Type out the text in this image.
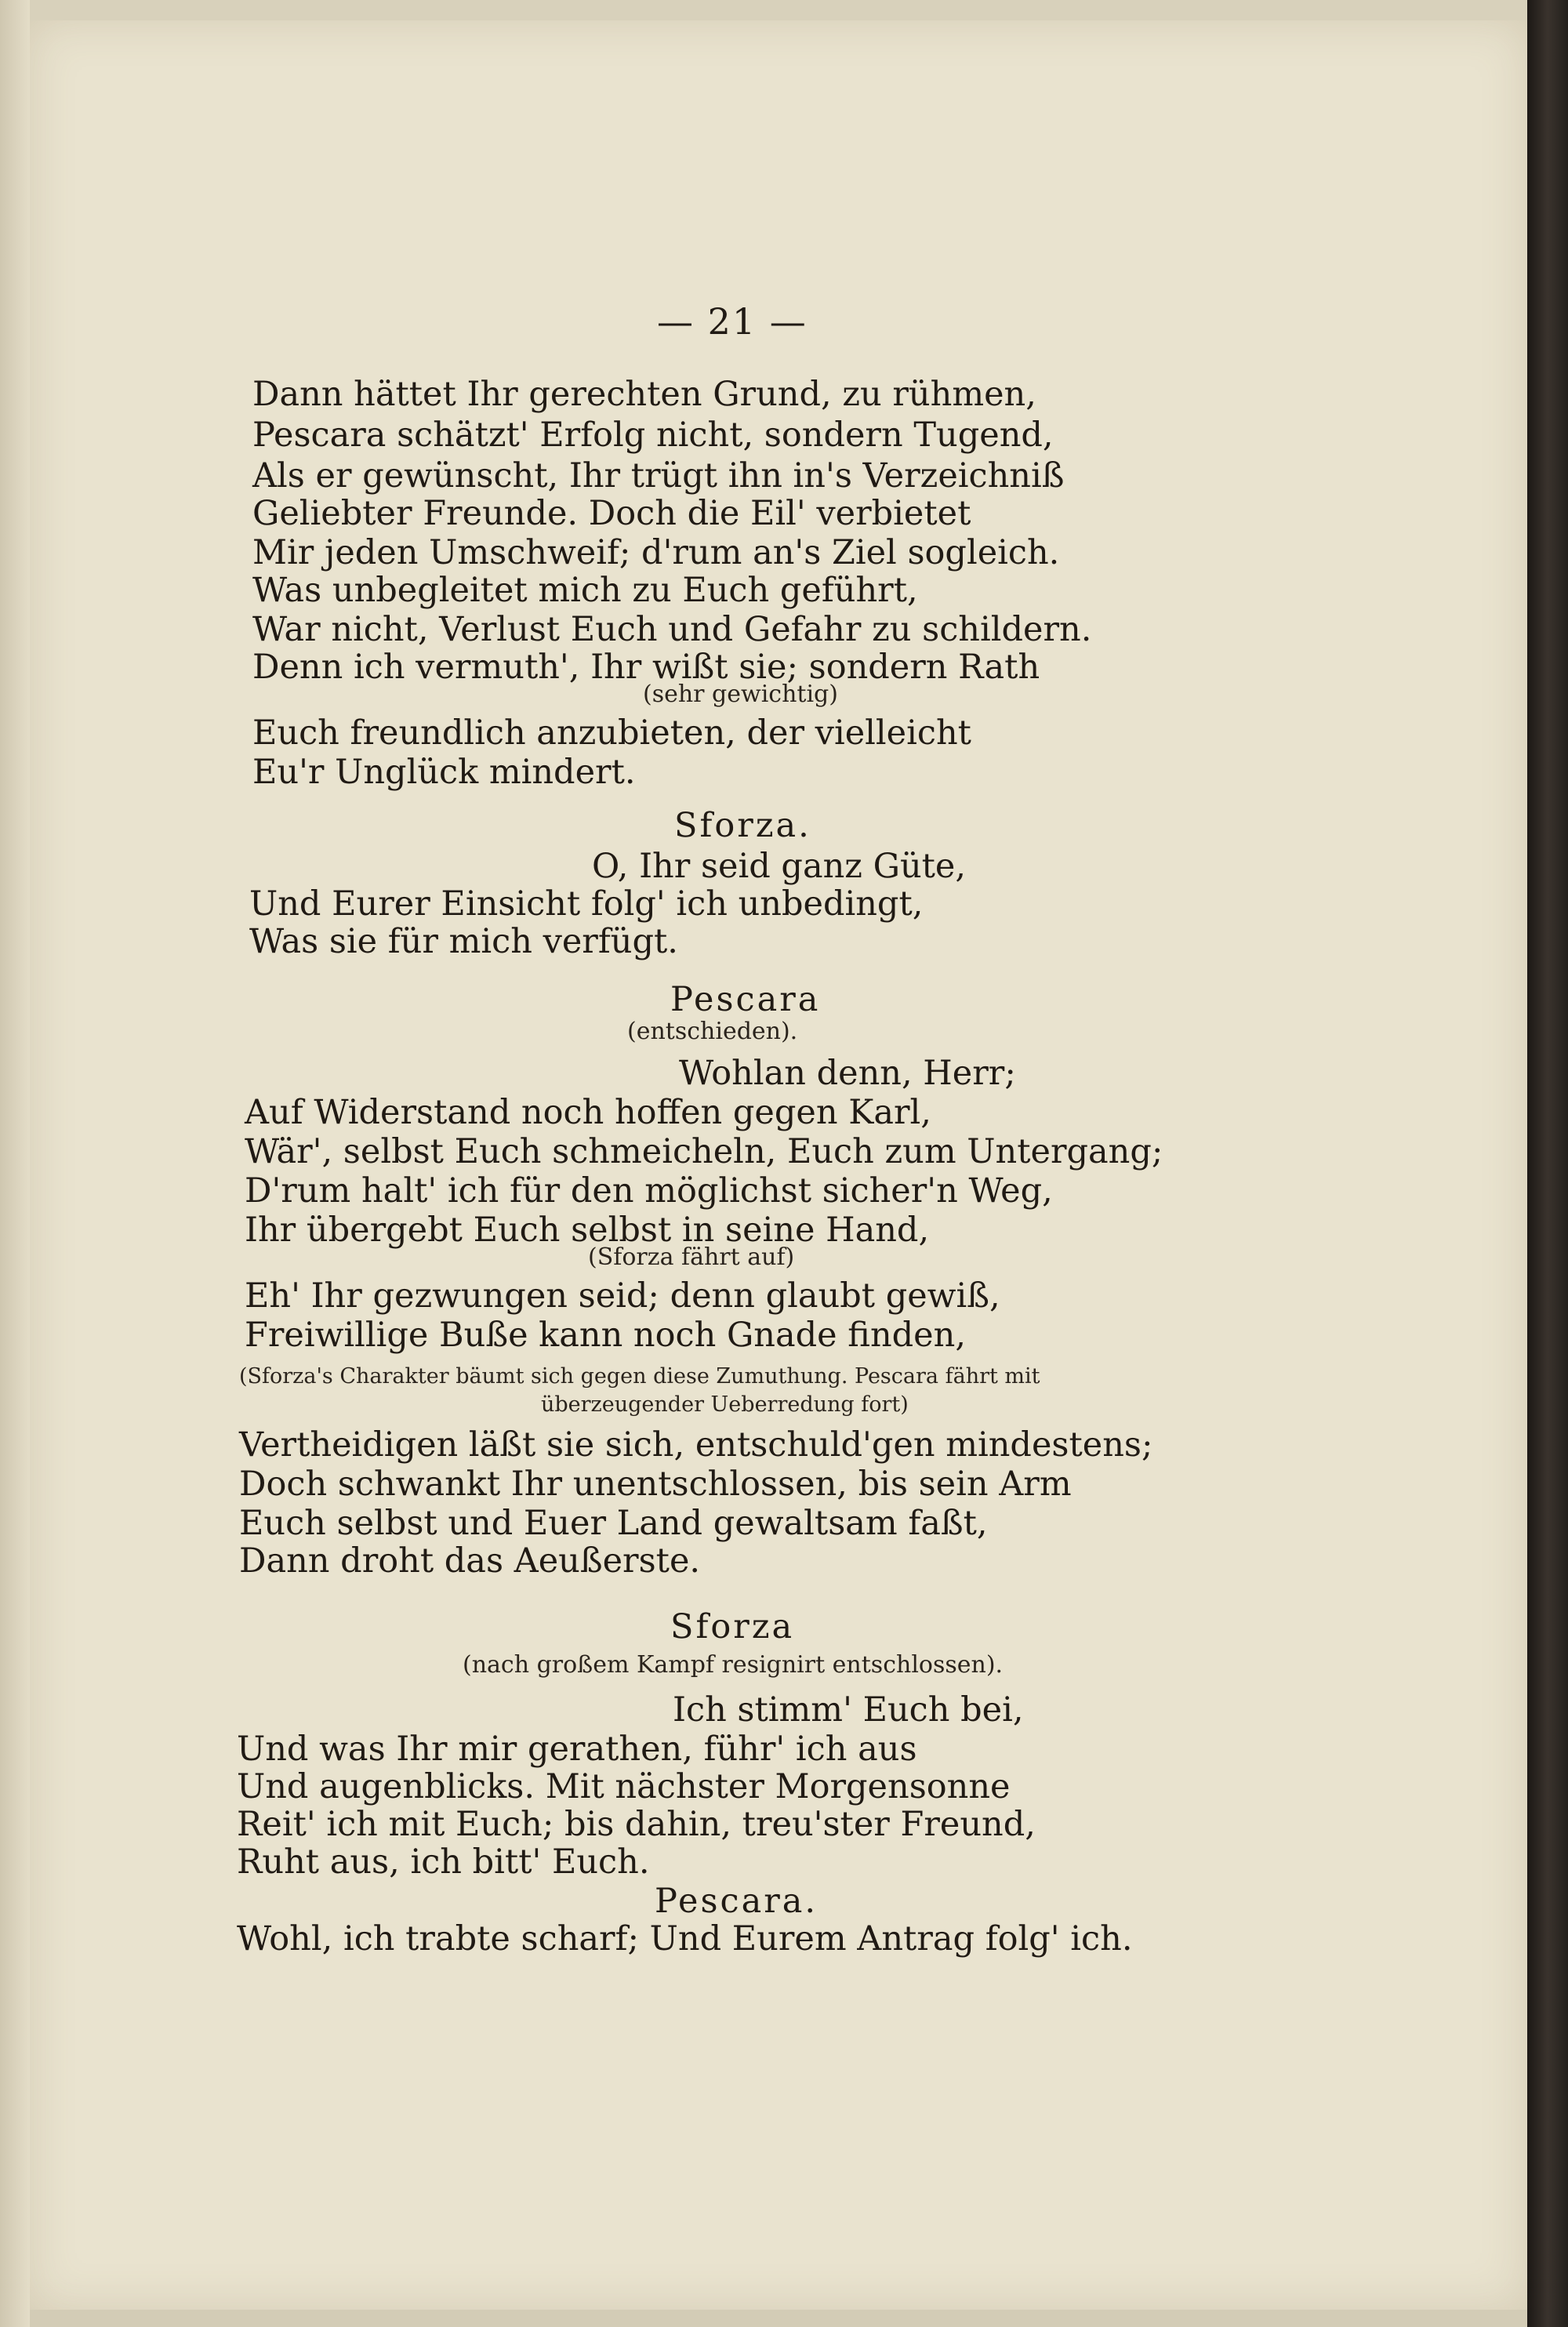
— 21 —
Dann hättet Ihr gerechten Grund, zu rühmen,
Pescara schätzt' Erfolg nicht, sondern Tugend,
Als er gewünscht, Ihr trügt ihn in's Verzeichniß
Geliebter Freunde. Doch die Eil' verbietet
Mir jeden Umschweif; d'rum an's Ziel sogleich.
Was unbegleitet mich zu Euch geführt,
War nicht, Verlust Euch und Gefahr zu schildern.
Denn ich vermuth', Ihr wißt sie; sondern Rath
(sehr gewichtig)
Euch freundlich anzubieten, der vielleicht
Eu'r Unglück mindert.
Sforza.
O, Ihr seid ganz Güte,
Und Eurer Einsicht folg' ich unbedingt,
Was sie für mich verfügt.
Pescara
(entschieden).
Wohlan denn, Herr;
Auf Widerstand noch hoffen gegen Karl,
Wär', selbst Euch schmeicheln, Euch zum Untergang;
D'rum halt' ich für den möglichst sicher'n Weg,
Ihr übergebt Euch selbst in seine Hand,
(Sforza fährt auf)
Eh' Ihr gezwungen seid; denn glaubt gewiß,
Freiwillige Buße kann noch Gnade finden,
(Sforza's Charakter bäumt sich gegen diese Zumuthung. Pescara fährt mit
überzeugender Ueberredung fort)
Vertheidigen läßt sie sich, entschuld'gen mindestens;
Doch schwankt Ihr unentschlossen, bis sein Arm
Euch selbst und Euer Land gewaltsam faßt,
Dann droht das Aeußerste.
Sforza
(nach großem Kampf resignirt entschlossen).
Ich stimm' Euch bei,
Und was Ihr mir gerathen, führ' ich aus
Und augenblicks. Mit nächster Morgensonne
Reit' ich mit Euch; bis dahin, treu'ster Freund,
Ruht aus, ich bitt' Euch.
Pescara.
Wohl, ich trabte scharf; Und Eurem Antrag folg' ich.
